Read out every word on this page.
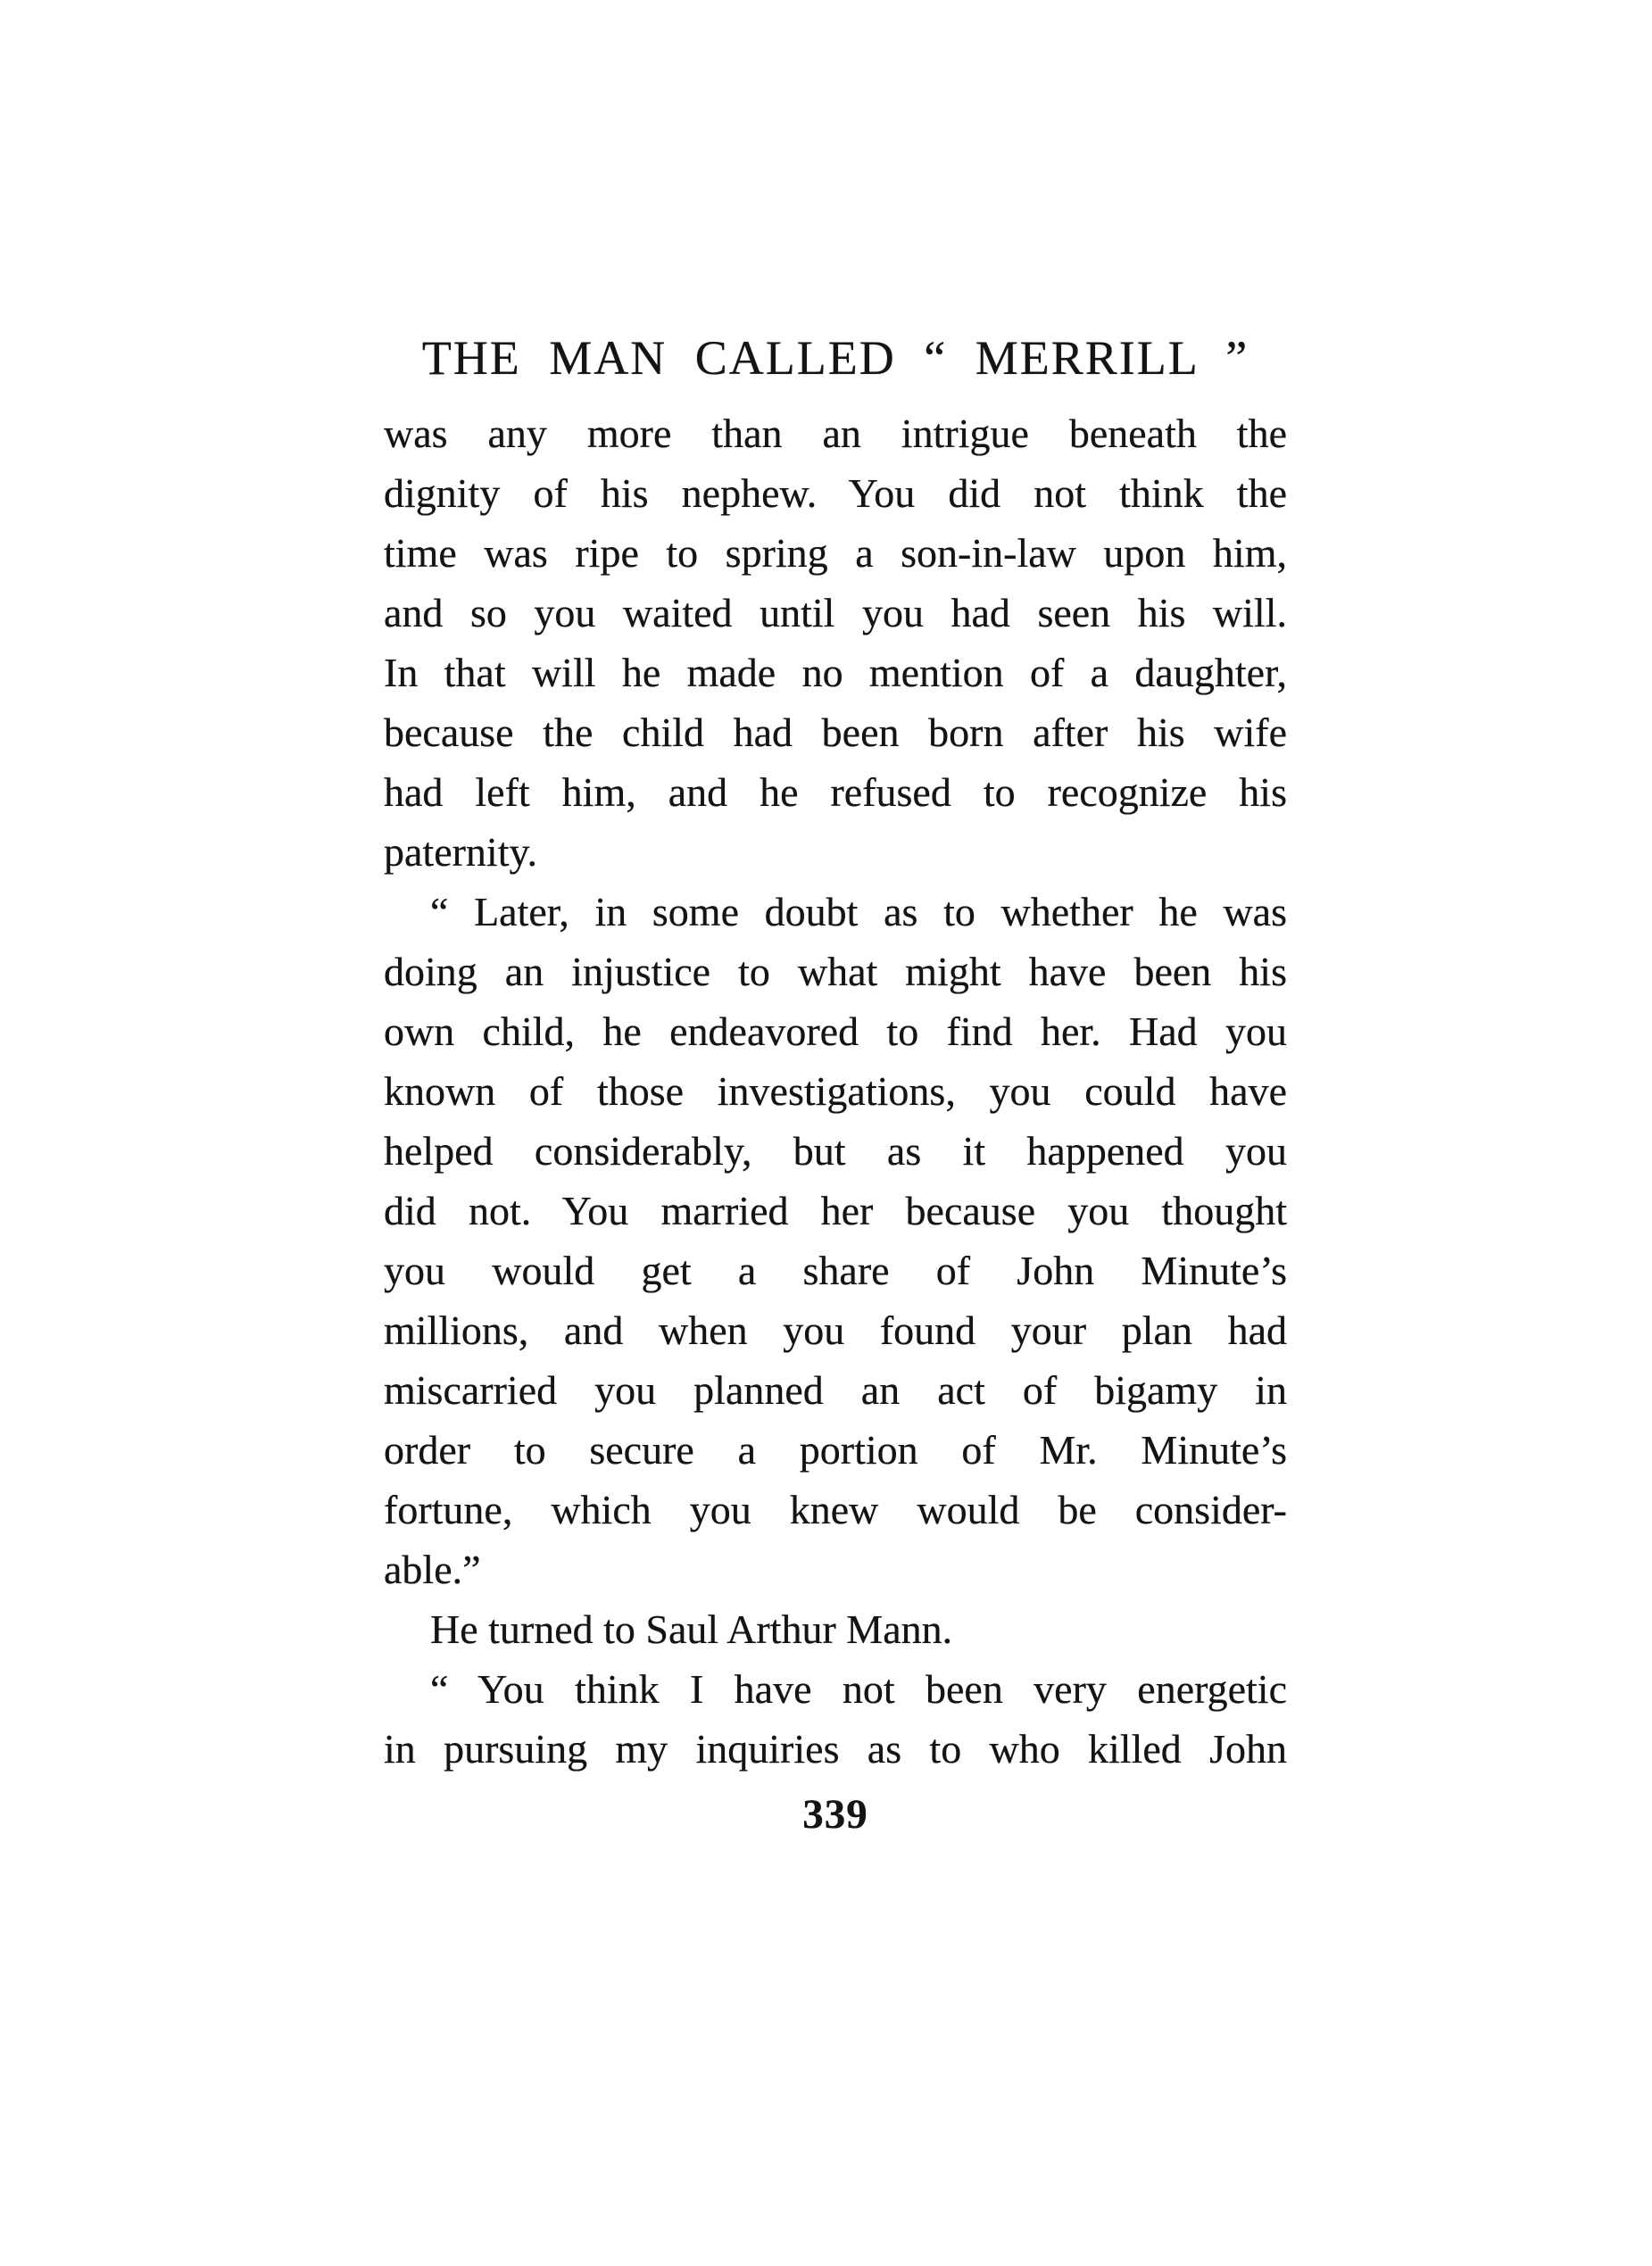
THE MAN CALLED “ MERRILL ”
was any more than an intrigue beneath the
dignity of his nephew. You did not think the
time was ripe to spring a son-in-law upon him,
and so you waited until you had seen his will.
In that will he made no mention of a daughter,
because the child had been born after his wife
had left him, and he refused to recognize his
paternity.
“ Later, in some doubt as to whether he was
doing an injustice to what might have been his
own child, he endeavored to find her. Had you
known of those investigations, you could have
helped considerably, but as it happened you
did not. You married her because you thought
you would get a share of John Minute’s
millions, and when you found your plan had
miscarried you planned an act of bigamy in
order to secure a portion of Mr. Minute’s
fortune, which you knew would be consider-
able.”
He turned to Saul Arthur Mann.
“ You think I have not been very energetic
in pursuing my inquiries as to who killed John
339
